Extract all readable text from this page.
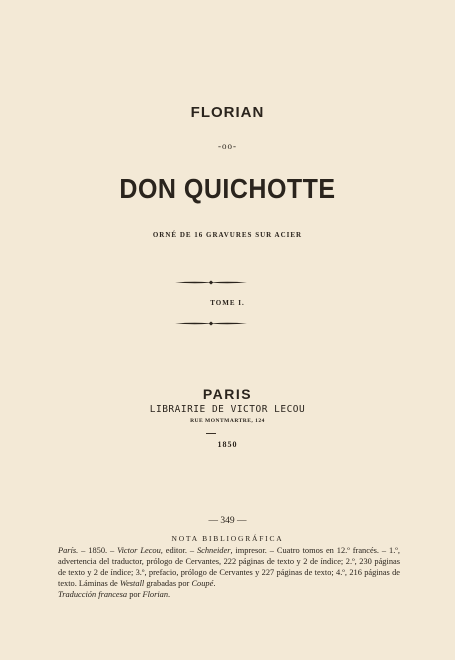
FLORIAN
-oo-
DON QUICHOTTE
ORNÉ DE 16 GRAVURES SUR ACIER
TOME I.
PARIS
LIBRAIRIE DE VICTOR LECOU
RUE MONTMARTRE, 124
1850
— 349 —
NOTA BIBLIOGRÁFICA

París. – 1850. – Victor Lecou, editor. – Schneider, impresor. – Cuatro tomos en 12.º francés. – 1.º, advertencia del traductor, prólogo de Cervantes, 222 páginas de texto y 2 de índice; 2.º, 230 páginas de texto y 2 de índice; 3.º, prefacio, prólogo de Cervantes y 227 páginas de texto; 4.º, 216 páginas de texto. Láminas de Westall grabadas por Coupé.

Traducción francesa por Florian.
